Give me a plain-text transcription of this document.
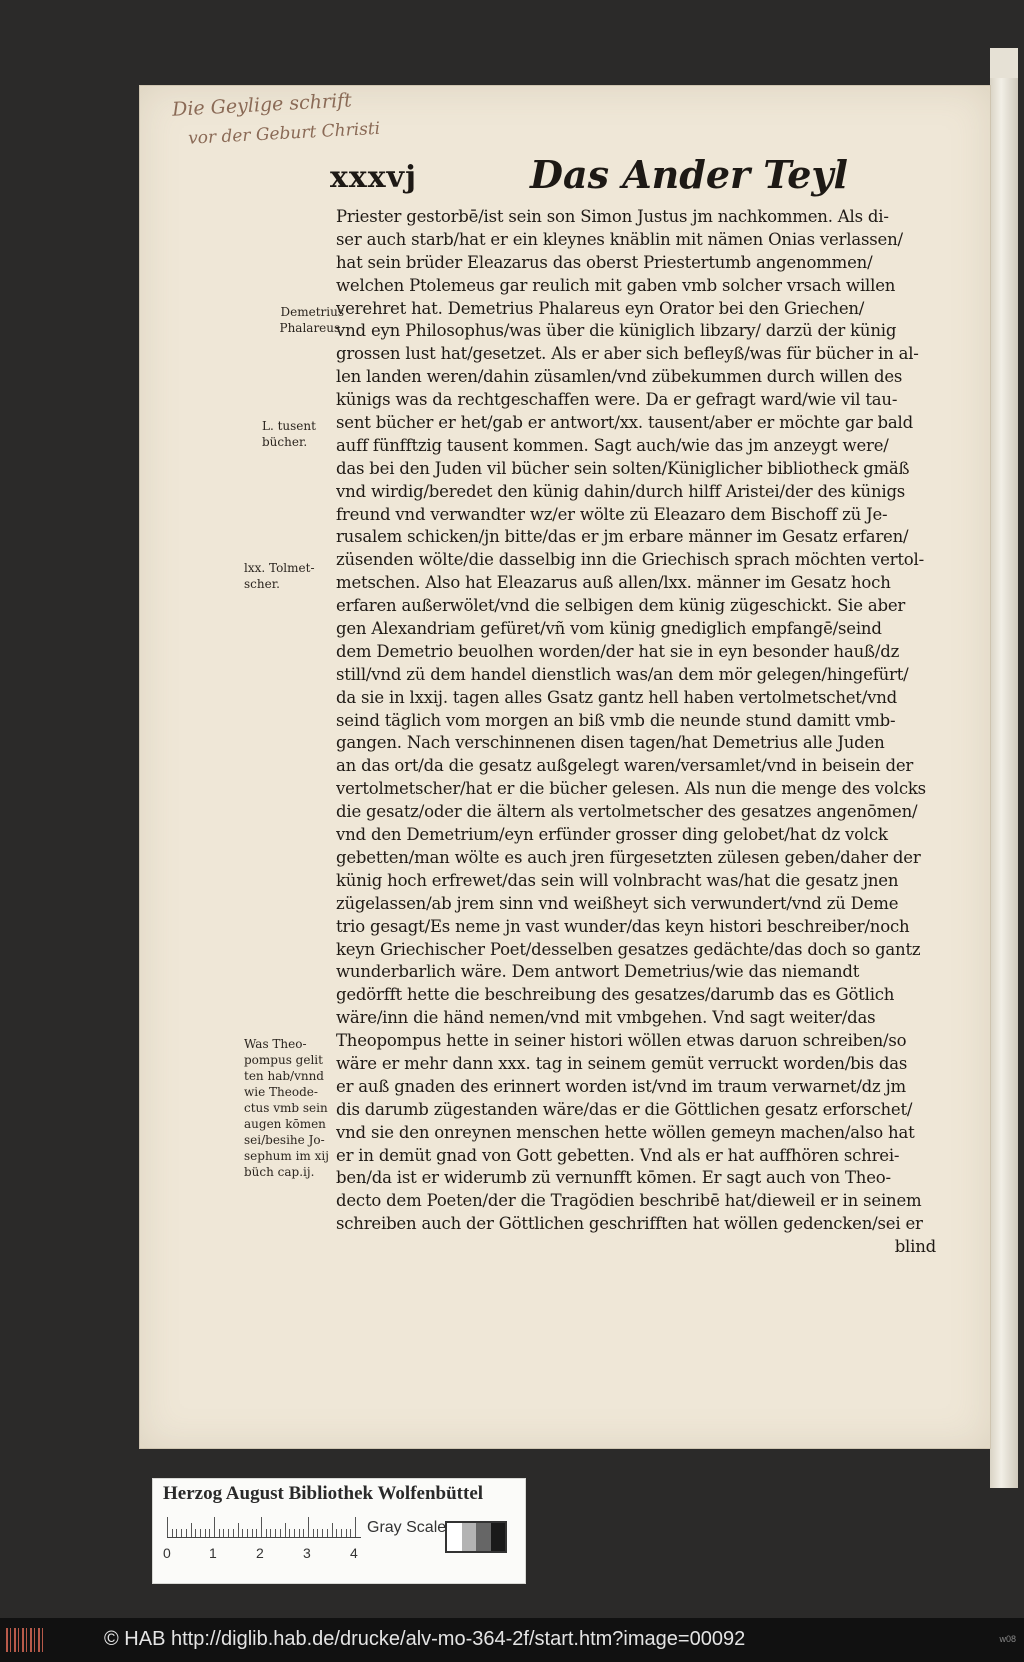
Die Geylige schrift
vor der Geburt Christi
xxxvj	Das Ander Teyl
Priester gestorbē/ist sein son Simon Justus jm nachkommen. Als di-
ser auch starb/hat er ein kleynes knäblin mit nämen Onias verlassen/
hat sein brüder Eleazarus das oberst Priestertumb angenommen/
welchen Ptolemeus gar reulich mit gaben vmb solcher vrsach willen
verehret hat. Demetrius Phalareus eyn Orator bei den Griechen/
vnd eyn Philosophus/was über die küniglich libzary/ darzü der künig
grossen lust hat/gesetzet. Als er aber sich befleyß/was für bücher in al-
len landen weren/dahin züsamlen/vnd zübekummen durch willen des
künigs was da rechtgeschaffen were. Da er gefragt ward/wie vil tau-
sent bücher er het/gab er antwort/xx. tausent/aber er möchte gar bald
auff fünfftzig tausent kommen. Sagt auch/wie das jm anzeygt were/
das bei den Juden vil bücher sein solten/Küniglicher bibliotheck gmäß
vnd wirdig/beredet den künig dahin/durch hilff Aristei/der des künigs
freund vnd verwandter wz/er wölte zü Eleazaro dem Bischoff zü Je-
rusalem schicken/jn bitte/das er jm erbare männer im Gesatz erfaren/
züsenden wölte/die dasselbig inn die Griechisch sprach möchten vertol-
metschen. Also hat Eleazarus auß allen/lxx. männer im Gesatz hoch
erfaren außerwölet/vnd die selbigen dem künig zügeschickt. Sie aber
gen Alexandriam gefüret/vñ vom künig gnediglich empfangē/seind
dem Demetrio beuolhen worden/der hat sie in eyn besonder hauß/dz
still/vnd zü dem handel dienstlich was/an dem mör gelegen/hingefürt/
da sie in lxxij. tagen alles Gsatz gantz hell haben vertolmetschet/vnd
seind täglich vom morgen an biß vmb die neunde stund damitt vmb-
gangen. Nach verschinnenen disen tagen/hat Demetrius alle Juden
an das ort/da die gesatz außgelegt waren/versamlet/vnd in beisein der
vertolmetscher/hat er die bücher gelesen. Als nun die menge des volcks
die gesatz/oder die ältern als vertolmetscher des gesatzes angenōmen/
vnd den Demetrium/eyn erfünder grosser ding gelobet/hat dz volck
gebetten/man wölte es auch jren fürgesetzten zülesen geben/daher der
künig hoch erfrewet/das sein will volnbracht was/hat die gesatz jnen
zügelassen/ab jrem sinn vnd weißheyt sich verwundert/vnd zü Deme
trio gesagt/Es neme jn vast wunder/das keyn histori beschreiber/noch
keyn Griechischer Poet/desselben gesatzes gedächte/das doch so gantz
wunderbarlich wäre. Dem antwort Demetrius/wie das niemandt
gedörfft hette die beschreibung des gesatzes/darumb das es Götlich
wäre/inn die händ nemen/vnd mit vmbgehen. Vnd sagt weiter/das
Theopompus hette in seiner histori wöllen etwas daruon schreiben/so
wäre er mehr dann xxx. tag in seinem gemüt verruckt worden/bis das
er auß gnaden des erinnert worden ist/vnd im traum verwarnet/dz jm
dis darumb zügestanden wäre/das er die Göttlichen gesatz erforschet/
vnd sie den onreynen menschen hette wöllen gemeyn machen/also hat
er in demüt gnad von Gott gebetten. Vnd als er hat auffhören schrei-
ben/da ist er widerumb zü vernunfft kōmen. Er sagt auch von Theo-
decto dem Poeten/der die Tragödien beschribē hat/dieweil er in seinem
schreiben auch der Göttlichen geschrifften hat wöllen gedencken/sei er
blind
Demetrius
Phalareus.
L. tusent
bücher.
lxx. Tolmet-
scher.
Was Theo-
pompus gelit
ten hab/vnnd
wie Theode-
ctus vmb sein
augen kōmen
sei/besihe Jo-
sephum im xij
büch cap.ij.
Herzog August Bibliothek Wolfenbüttel
0	1	2	3	4
Gray Scale
© HAB http://diglib.hab.de/drucke/alv-mo-364-2f/start.htm?image=00092	w08
